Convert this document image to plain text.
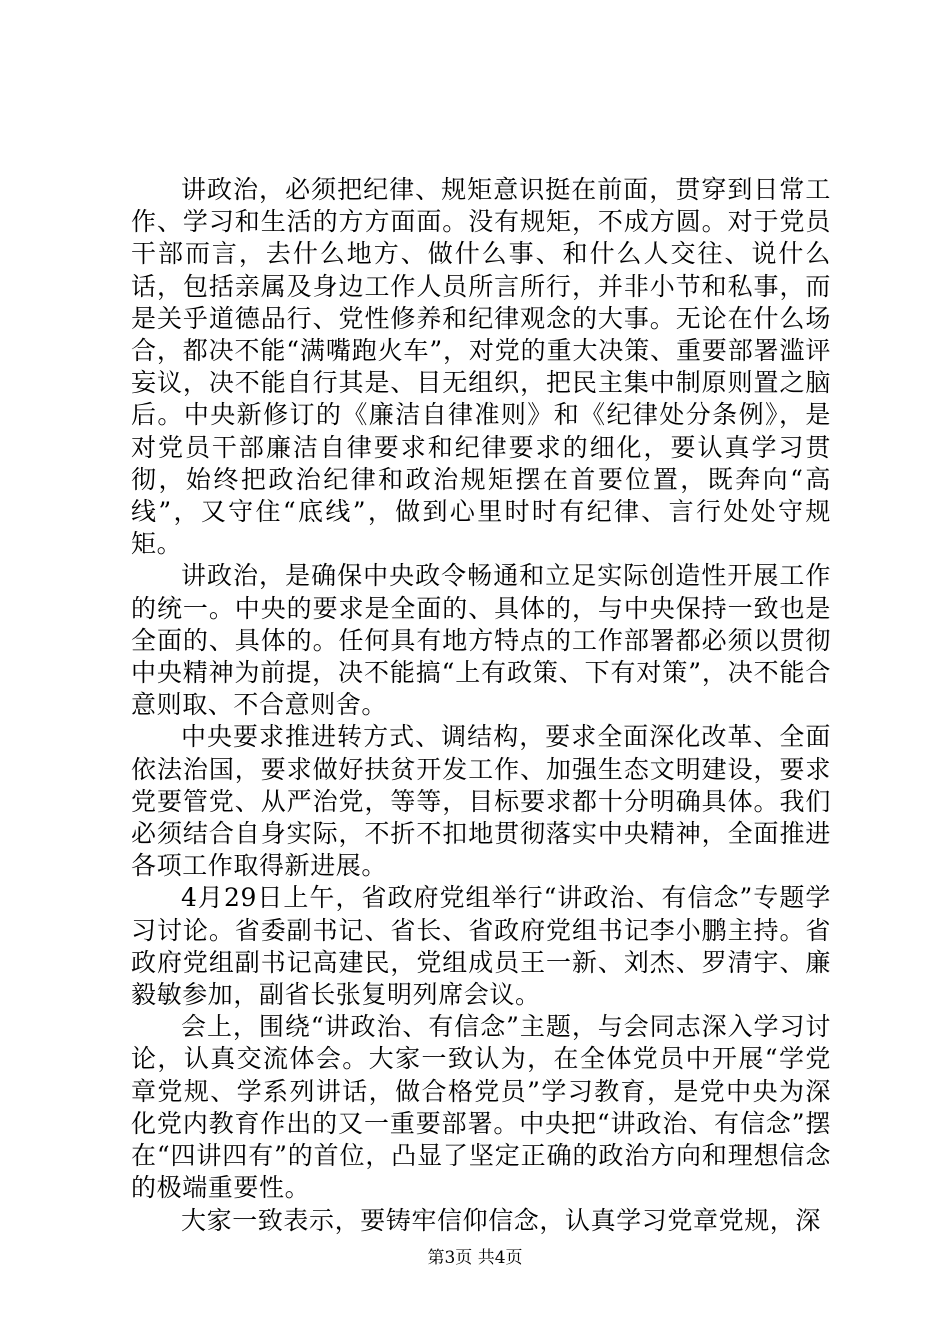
讲政治，必须把纪律、规矩意识挺在前面，贯穿到日常工作、学习和生活的方方面面。没有规矩，不成方圆。对于党员干部而言，去什么地方、做什么事、和什么人交往、说什么话，包括亲属及身边工作人员所言所行，并非小节和私事，而是关乎道德品行、党性修养和纪律观念的大事。无论在什么场合，都决不能“满嘴跑火车”，对党的重大决策、重要部署滥评妄议，决不能自行其是、目无组织，把民主集中制原则置之脑后。中央新修订的《廉洁自律准则》和《纪律处分条例》，是对党员干部廉洁自律要求和纪律要求的细化，要认真学习贯彻，始终把政治纪律和政治规矩摆在首要位置，既奔向“高线”，又守住“底线”，做到心里时时有纪律、言行处处守规矩。

讲政治，是确保中央政令畅通和立足实际创造性开展工作的统一。中央的要求是全面的、具体的，与中央保持一致也是全面的、具体的。任何具有地方特点的工作部署都必须以贯彻中央精神为前提，决不能搞“上有政策、下有对策”，决不能合意则取、不合意则舍。

中央要求推进转方式、调结构，要求全面深化改革、全面依法治国，要求做好扶贫开发工作、加强生态文明建设，要求党要管党、从严治党，等等，目标要求都十分明确具体。我们必须结合自身实际，不折不扣地贯彻落实中央精神，全面推进各项工作取得新进展。

4月29日上午，省政府党组举行“讲政治、有信念”专题学习讨论。省委副书记、省长、省政府党组书记李小鹏主持。省政府党组副书记高建民，党组成员王一新、刘杰、罗清宇、廉毅敏参加，副省长张复明列席会议。

会上，围绕“讲政治、有信念”主题，与会同志深入学习讨论，认真交流体会。大家一致认为，在全体党员中开展“学党章党规、学系列讲话，做合格党员”学习教育，是党中央为深化党内教育作出的又一重要部署。中央把“讲政治、有信念”摆在“四讲四有”的首位，凸显了坚定正确的政治方向和理想信念的极端重要性。

大家一致表示，要铸牢信仰信念，认真学习党章党规，深

第3页 共4页
